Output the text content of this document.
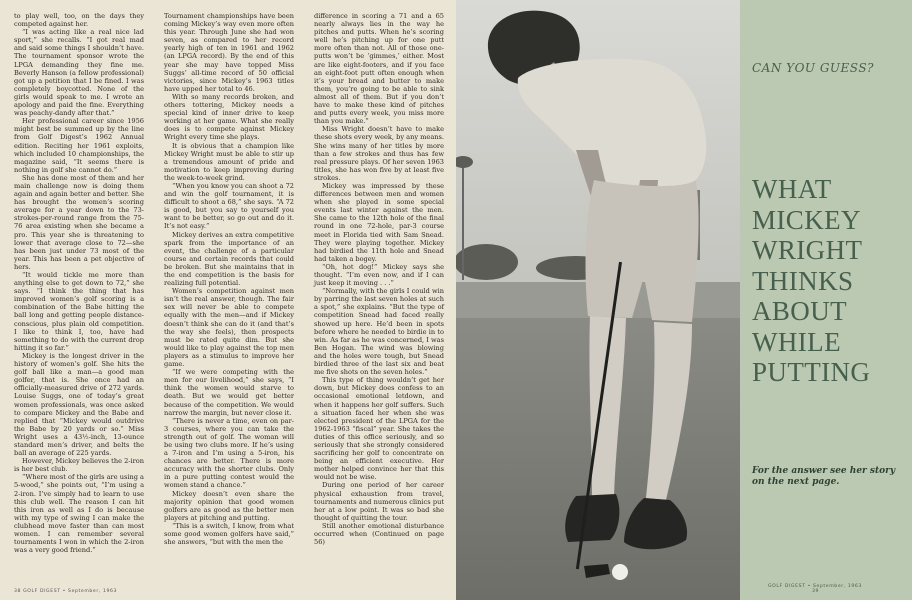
to play well, too, on the days they competed against her.

“I was acting like a real nice lad sport,” she recalls. “I got real mad and said some things I shouldn’t have. The tournament sponsor wrote the LPGA demanding they fine me. Beverly Hanson (a fellow professional) got up a petition that I be fined. I was completely boycotted. None of the girls would speak to me. I wrote an apology and paid the fine. Everything was peachy-dandy after that.”

Her professional career since 1956 might best be summed up by the line from Golf Digest’s 1962 Annual edition. Reciting her 1961 exploits, which included 10 championships, the magazine said, “It seems there is nothing in golf she cannot do.”

She has done most of them and her main challenge now is doing them again and again better and better. She has brought the women’s scoring average for a year down to the 73-strokes-per-round range from the 75-76 area existing when she became a pro. This year she is threatening to lower that average close to 72—she has been just under 73 most of the year. This has been a pet objective of hers.

“It would tickle me more than anything else to get down to 72,” she says. “I think the thing that has improved women’s golf scoring is a combination of the Babe hitting the ball long and getting people distance-conscious, plus plain old competition. I like to think I, too, have had something to do with the current drop hitting it so far.”

Mickey is the longest driver in the history of women’s golf. She hits the golf ball like a man—a good man golfer, that is. She once had an officially-measured drive of 272 yards. Louise Suggs, one of today’s great women professionals, was once asked to compare Mickey and the Babe and replied that “Mickey would outdrive the Babe by 20 yards or so.” Miss Wright uses a 43½-inch, 13-ounce standard men’s driver, and belts the ball an average of 225 yards.

However, Mickey believes the 2-iron is her best club.

“Where most of the girls are using a 5-wood,” she points out, “I’m using a 2-iron. I’ve simply had to learn to use this club well. The reason I can hit this iron as well as I do is because with my type of swing I can make the clubhead move faster than can most women. I can remember several tournaments I won in which the 2-iron was a very good friend.”

Tournament championships have been coming Mickey’s way even more often this year. Through June she had won seven, as compared to her record yearly high of ten in 1961 and 1962 (an LPGA record). By the end of this year she may have topped Miss Suggs’ all-time record of 50 official victories, since Mickey’s 1963 titles have upped her total to 46.

With so many records broken, and others tottering, Mickey needs a special kind of inner drive to keep working at her game. What she really does is to compete against Mickey Wright every time she plays.

It is obvious that a champion like Mickey Wright must be able to stir up a tremendous amount of pride and motivation to keep improving during the week-to-week grind.

“When you know you can shoot a 72 and win the golf tournament, it is difficult to shoot a 68,” she says. “A 72 is good, but you say to yourself you want to be better, so go out and do it. It’s not easy.”

Mickey derives an extra competitive spark from the importance of an event, the challenge of a particular course and certain records that could be broken. But she maintains that in the end competition is the basis for realizing full potential.

Women’s competition against men isn’t the real answer, though. The fair sex will never be able to compete equally with the men—and if Mickey doesn’t think she can do it (and that’s the way she feels), then prospects must be rated quite dim. But she would like to play against the top men players as a stimulus to improve her game.

“If we were competing with the men for our livelihood,” she says, “I think the women would starve to death. But we would get better because of the competition. We would narrow the margin, but never close it.

“There is never a time, even on par-3 courses, where you can take the strength out of golf. The woman will be using two clubs more. If he’s using a 7-iron and I’m using a 5-iron, his chances are better. There is more accuracy with the shorter clubs. Only in a pure putting contest would the women stand a chance.”

Mickey doesn’t even share the majority opinion that good women golfers are as good as the better men players at pitching and putting.

“This is a switch, I know, from what some good women golfers have said,” she answers, “but with the men the

difference in scoring a 71 and a 65 nearly always lies in the way he pitches and putts. When he’s scoring well he’s pitching up for one putt more often than not. All of those one-putts won’t be ‘gimmes,’ either. Most are like eight-footers, and if you face an eight-foot putt often enough when it’s your bread and butter to make them, you’re going to be able to sink almost all of them. But if you don’t have to make these kind of pitches and putts every week, you miss more than you make.”

Miss Wright doesn’t have to make these shots every week, by any means. She wins many of her titles by more than a few strokes and thus has few real pressure plays. Of her seven 1963 titles, she has won five by at least five strokes.

Mickey was impressed by these differences between men and women when she played in some special events last winter against the men. She came to the 12th hole of the final round in one 72-hole, par-3 course meet in Florida tied with Sam Snead. They were playing together. Mickey had birdied the 11th hole and Snead had taken a bogey.

“Oh, hot dog!” Mickey says she thought. “I’m even now, and if I can just keep it moving . . .”

“Normally, with the girls I could win by parring the last seven holes at such a spot,” she explains. “But the type of competition Snead had faced really showed up here. He’d been in spots before where he needed to birdie in to win. As far as he was concerned, I was Ben Hogan. The wind was blowing and the holes were tough, but Snead birdied three of the last six and beat me five shots on the seven holes.”

This type of thing wouldn’t get her down, but Mickey does confess to an occasional emotional letdown, and when it happens her golf suffers. Such a situation faced her when she was elected president of the LPGA for the 1962-1963 “fiscal” year. She takes the duties of this office seriously, and so seriously that she strongly considered sacrificing her golf to concentrate on being an efficient executive. Her mother helped convince her that this would not be wise.

During one period of her career physical exhaustion from travel, tournaments and numerous clinics put her at a low point. It was so bad she thought of quitting the tour.

Still another emotional disturbance occurred when (Continued on page 56)

38 GOLF DIGEST • September, 1963
CAN YOU GUESS?
WHAT
MICKEY
WRIGHT
THINKS
ABOUT
WHILE
PUTTING
For the answer see her story on the next page.
GOLF DIGEST • September, 1963 39
